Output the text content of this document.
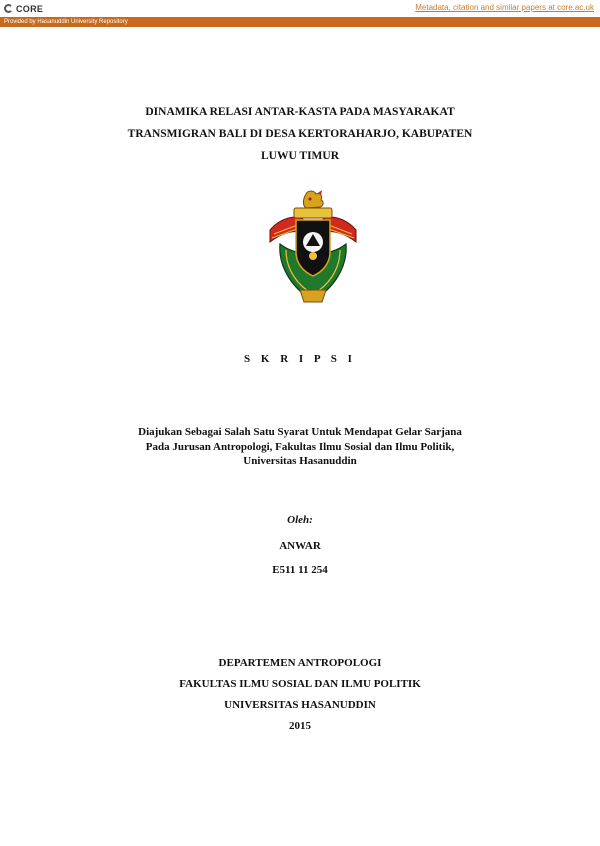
CORE	Metadata, citation and similar papers at core.ac.uk
Provided by Hasanuddin University Repository
DINAMIKA RELASI ANTAR-KASTA PADA MASYARAKAT
TRANSMIGRAN BALI DI DESA KERTORAHARJO, KABUPATEN
LUWU TIMUR
S K R I P S I
Diajukan Sebagai Salah Satu Syarat Untuk Mendapat Gelar Sarjana
Pada Jurusan Antropologi, Fakultas Ilmu Sosial dan Ilmu Politik,
Universitas Hasanuddin
Oleh:
ANWAR
E511 11 254
DEPARTEMEN ANTROPOLOGI
FAKULTAS ILMU SOSIAL DAN ILMU POLITIK
UNIVERSITAS HASANUDDIN
2015
